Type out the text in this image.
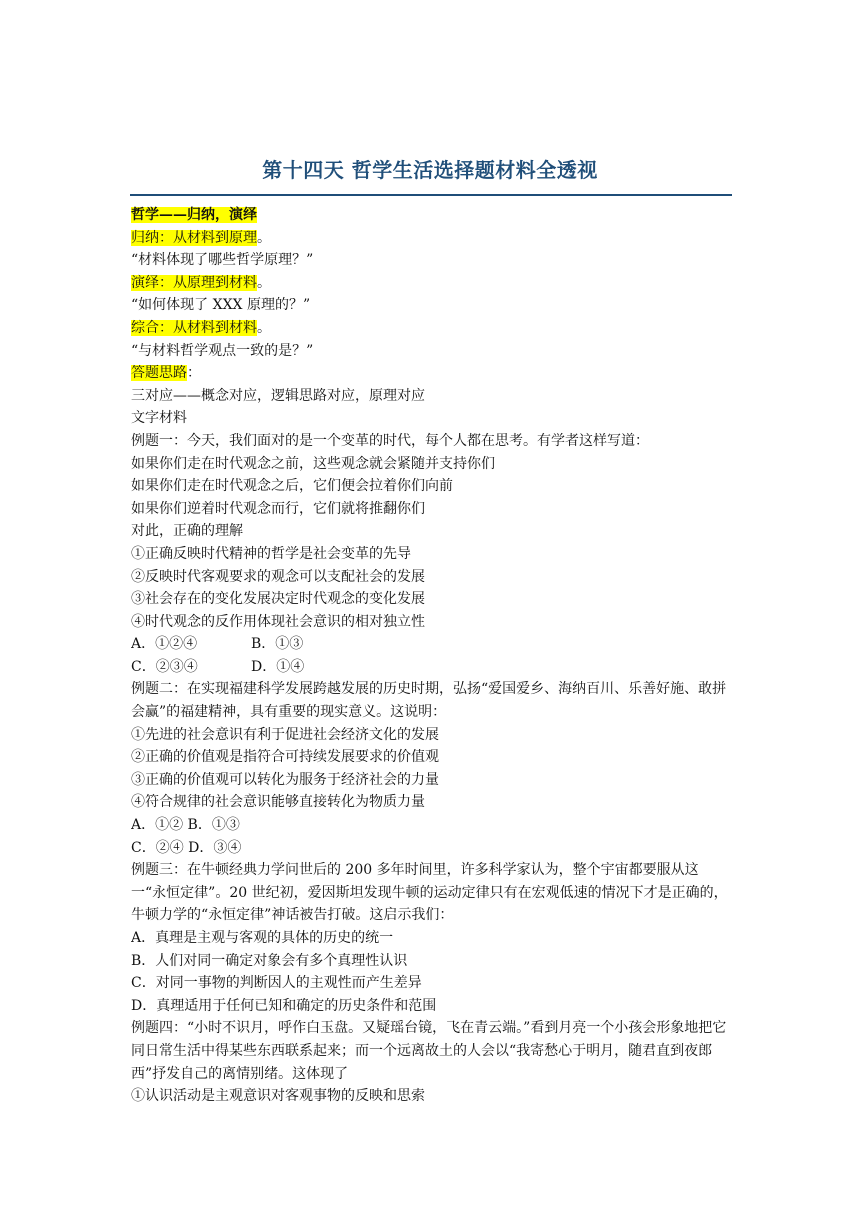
第十四天 哲学生活选择题材料全透视
哲学——归纳，演绎
归纳：从材料到原理。
“材料体现了哪些哲学原理？”
演绎：从原理到材料。
“如何体现了 XXX 原理的？”
综合：从材料到材料。
“与材料哲学观点一致的是？”
答题思路：
三对应——概念对应，逻辑思路对应，原理对应
文字材料
例题一：今天，我们面对的是一个变革的时代，每个人都在思考。有学者这样写道：
如果你们走在时代观念之前，这些观念就会紧随并支持你们
如果你们走在时代观念之后，它们便会拉着你们向前
如果你们逆着时代观念而行，它们就将推翻你们
对此，正确的理解
①正确反映时代精神的哲学是社会变革的先导
②反映时代客观要求的观念可以支配社会的发展
③社会存在的变化发展决定时代观念的变化发展
④时代观念的反作用体现社会意识的相对独立性
A．①②④	B．①③
C．②③④	D．①④
例题二：在实现福建科学发展跨越发展的历史时期，弘扬“爱国爱乡、海纳百川、乐善好施、敢拼会赢”的福建精神，具有重要的现实意义。这说明：
①先进的社会意识有利于促进社会经济文化的发展
②正确的价值观是指符合可持续发展要求的价值观
③正确的价值观可以转化为服务于经济社会的力量
④符合规律的社会意识能够直接转化为物质力量
A．①② B．①③
C．②④ D．③④
例题三：在牛顿经典力学问世后的 200 多年时间里，许多科学家认为，整个宇宙都要服从这一“永恒定律”。20 世纪初，爱因斯坦发现牛顿的运动定律只有在宏观低速的情况下才是正确的，牛顿力学的“永恒定律”神话被告打破。这启示我们：
A．真理是主观与客观的具体的历史的统一
B．人们对同一确定对象会有多个真理性认识
C．对同一事物的判断因人的主观性而产生差异
D．真理适用于任何已知和确定的历史条件和范围
例题四：“小时不识月，呼作白玉盘。又疑瑶台镜，飞在青云端。”看到月亮一个小孩会形象地把它同日常生活中得某些东西联系起来；而一个远离故土的人会以“我寄愁心于明月，随君直到夜郎西”抒发自己的离情别绪。这体现了
①认识活动是主观意识对客观事物的反映和思索
